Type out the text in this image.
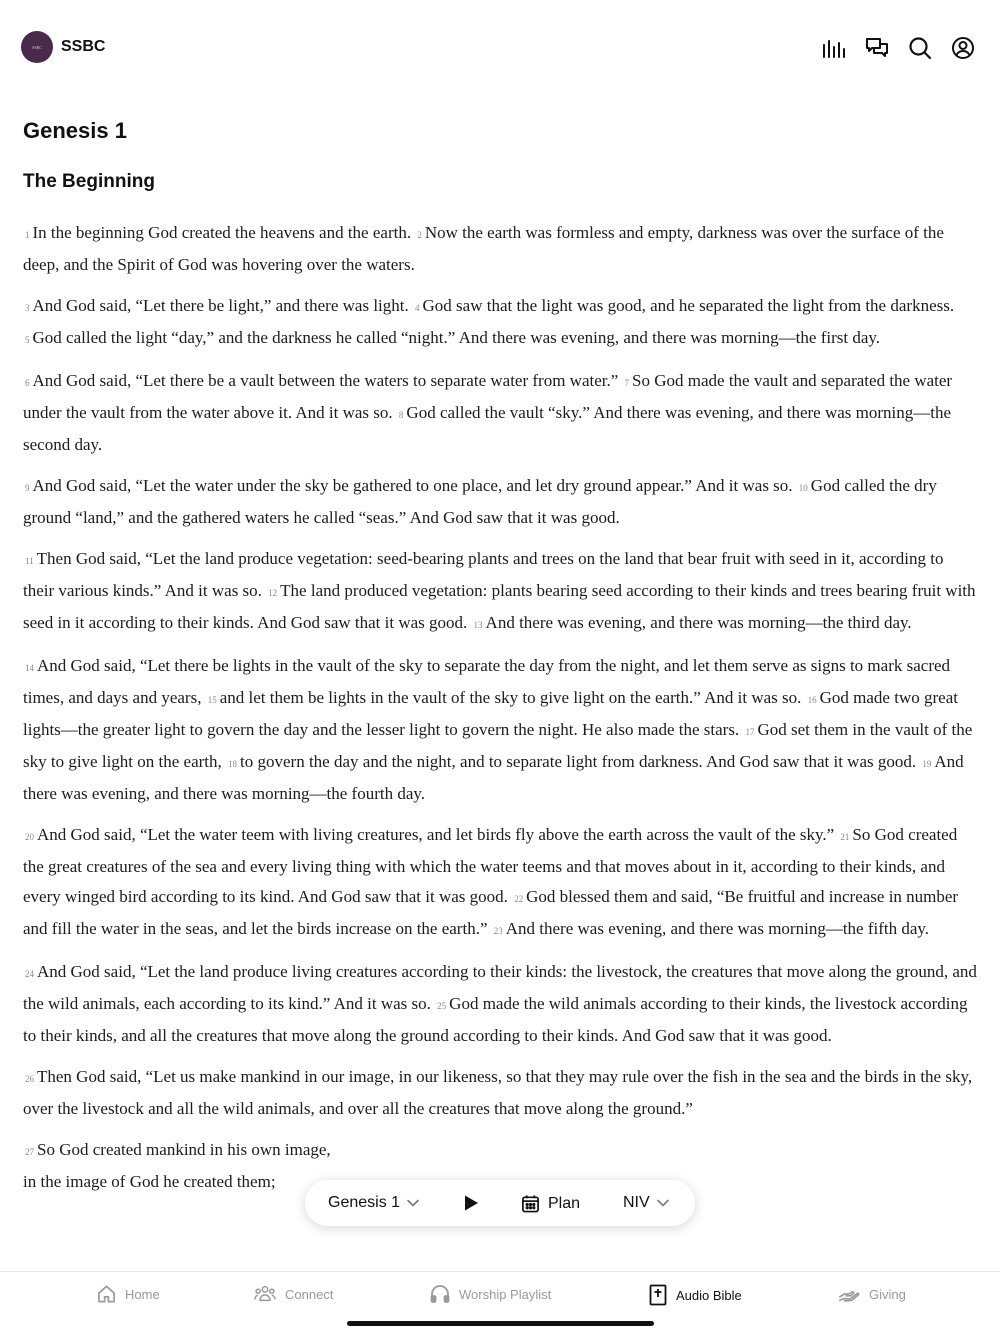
SSBC SSBC
Genesis 1
The Beginning

1 In the beginning God created the heavens and the earth. 2 Now the earth was formless and empty, darkness was over the surface of the deep, and the Spirit of God was hovering over the waters.

3 And God said, “Let there be light,” and there was light. 4 God saw that the light was good, and he separated the light from the darkness. 5 God called the light “day,” and the darkness he called “night.” And there was evening, and there was morning—the first day.

6 And God said, “Let there be a vault between the waters to separate water from water.” 7 So God made the vault and separated the water under the vault from the water above it. And it was so. 8 God called the vault “sky.” And there was evening, and there was morning—the second day.

9 And God said, “Let the water under the sky be gathered to one place, and let dry ground appear.” And it was so. 10 God called the dry ground “land,” and the gathered waters he called “seas.” And God saw that it was good.

11 Then God said, “Let the land produce vegetation: seed-bearing plants and trees on the land that bear fruit with seed in it, according to their various kinds.” And it was so. 12 The land produced vegetation: plants bearing seed according to their kinds and trees bearing fruit with seed in it according to their kinds. And God saw that it was good. 13 And there was evening, and there was morning—the third day.

14 And God said, “Let there be lights in the vault of the sky to separate the day from the night, and let them serve as signs to mark sacred times, and days and years, 15 and let them be lights in the vault of the sky to give light on the earth.” And it was so. 16 God made two great lights—the greater light to govern the day and the lesser light to govern the night. He also made the stars. 17 God set them in the vault of the sky to give light on the earth, 18 to govern the day and the night, and to separate light from darkness. And God saw that it was good. 19 And there was evening, and there was morning—the fourth day.

20 And God said, “Let the water teem with living creatures, and let birds fly above the earth across the vault of the sky.” 21 So God created the great creatures of the sea and every living thing with which the water teems and that moves about in it, according to their kinds, and every winged bird according to its kind. And God saw that it was good. 22 God blessed them and said, “Be fruitful and increase in number and fill the water in the seas, and let the birds increase on the earth.” 23 And there was evening, and there was morning—the fifth day.

24 And God said, “Let the land produce living creatures according to their kinds: the livestock, the creatures that move along the ground, and the wild animals, each according to its kind.” And it was so. 25 God made the wild animals according to their kinds, the livestock according to their kinds, and all the creatures that move along the ground according to their kinds. And God saw that it was good.

26 Then God said, “Let us make mankind in our image, in our likeness, so that they may rule over the fish in the sea and the birds in the sky, over the livestock and all the wild animals, and over all the creatures that move along the ground.”

27 So God created mankind in his own image,
in the image of God he created them;
Genesis 1	Plan	NIV
Home	Connect	Worship Playlist	Audio Bible	Giving
